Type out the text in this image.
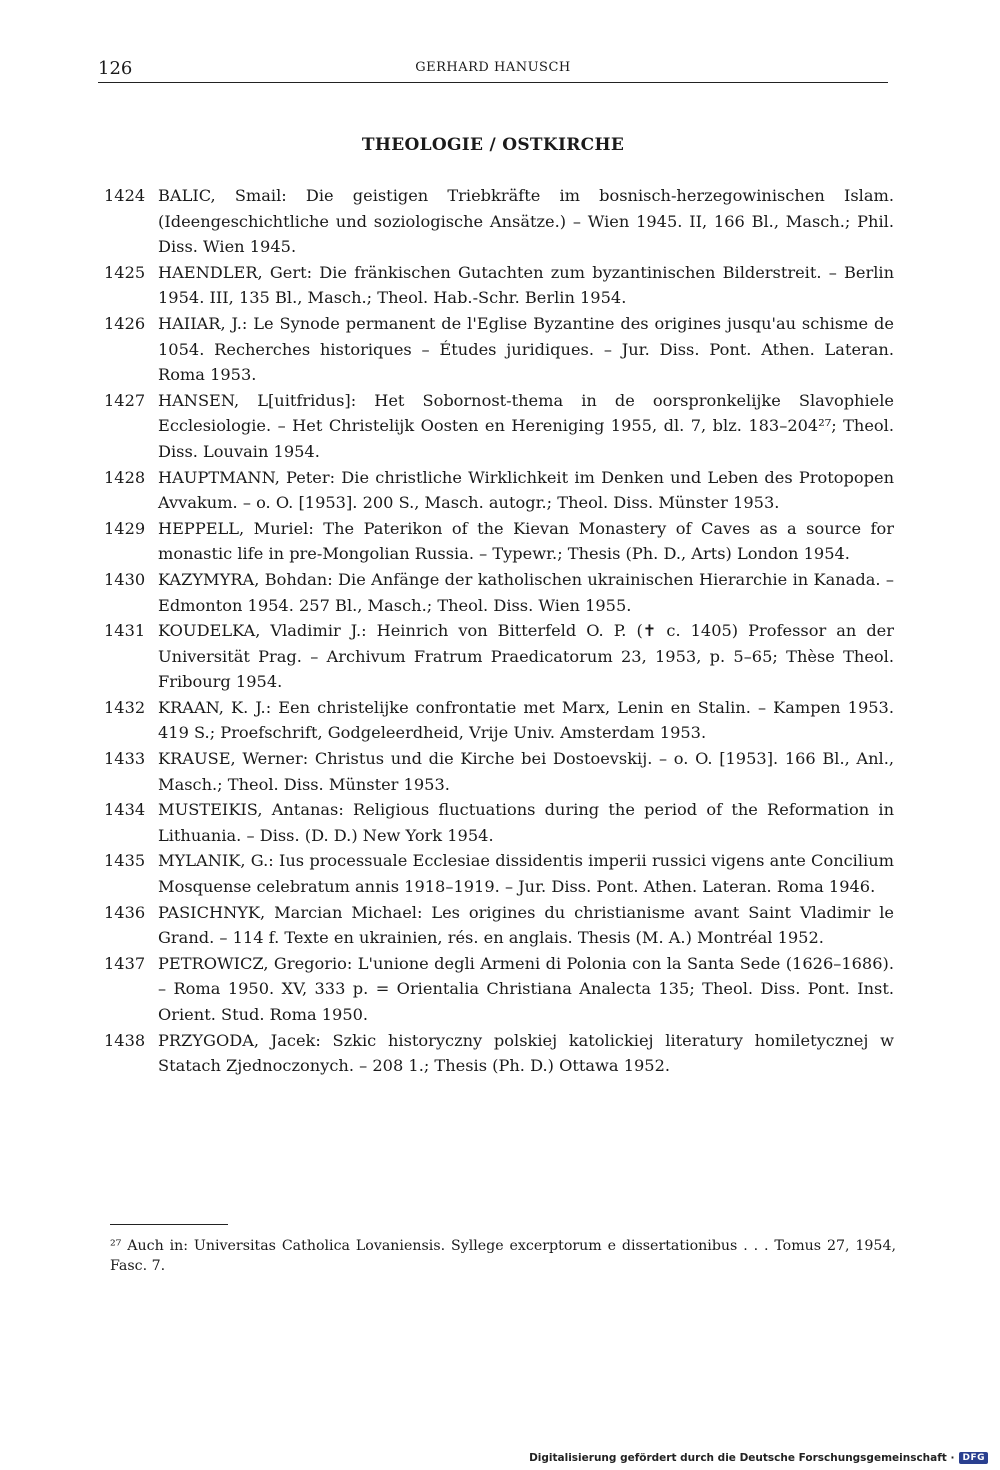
126	GERHARD HANUSCH
THEOLOGIE / OSTKIRCHE
1424 BALIC, Smail: Die geistigen Triebkräfte im bosnisch-herzegowinischen Islam. (Ideengeschichtliche und soziologische Ansätze.) – Wien 1945. II, 166 Bl., Masch.; Phil. Diss. Wien 1945.
1425 HAENDLER, Gert: Die fränkischen Gutachten zum byzantinischen Bilderstreit. – Berlin 1954. III, 135 Bl., Masch.; Theol. Hab.-Schr. Berlin 1954.
1426 HAIIAR, J.: Le Synode permanent de l'Eglise Byzantine des origines jusqu'au schisme de 1054. Recherches historiques – Études juridiques. – Jur. Diss. Pont. Athen. Lateran. Roma 1953.
1427 HANSEN, L[uitfridus]: Het Sobornost-thema in de oorspronkelijke Slavophiele Ecclesiologie. – Het Christelijk Oosten en Hereniging 1955, dl. 7, blz. 183–204²⁷; Theol. Diss. Louvain 1954.
1428 HAUPTMANN, Peter: Die christliche Wirklichkeit im Denken und Leben des Protopopen Avvakum. – o. O. [1953]. 200 S., Masch. autogr.; Theol. Diss. Münster 1953.
1429 HEPPELL, Muriel: The Paterikon of the Kievan Monastery of Caves as a source for monastic life in pre-Mongolian Russia. – Typewr.; Thesis (Ph. D., Arts) London 1954.
1430 KAZYMYRA, Bohdan: Die Anfänge der katholischen ukrainischen Hierarchie in Kanada. – Edmonton 1954. 257 Bl., Masch.; Theol. Diss. Wien 1955.
1431 KOUDELKA, Vladimir J.: Heinrich von Bitterfeld O. P. (✝ c. 1405) Professor an der Universität Prag. – Archivum Fratrum Praedicatorum 23, 1953, p. 5–65; Thèse Theol. Fribourg 1954.
1432 KRAAN, K. J.: Een christelijke confrontatie met Marx, Lenin en Stalin. – Kampen 1953. 419 S.; Proefschrift, Godgeleerdheid, Vrije Univ. Amsterdam 1953.
1433 KRAUSE, Werner: Christus und die Kirche bei Dostoevskij. – o. O. [1953]. 166 Bl., Anl., Masch.; Theol. Diss. Münster 1953.
1434 MUSTEIKIS, Antanas: Religious fluctuations during the period of the Reformation in Lithuania. – Diss. (D. D.) New York 1954.
1435 MYLANIK, G.: Ius processuale Ecclesiae dissidentis imperii russici vigens ante Concilium Mosquense celebratum annis 1918–1919. – Jur. Diss. Pont. Athen. Lateran. Roma 1946.
1436 PASICHNYK, Marcian Michael: Les origines du christianisme avant Saint Vladimir le Grand. – 114 f. Texte en ukrainien, rés. en anglais. Thesis (M. A.) Montréal 1952.
1437 PETROWICZ, Gregorio: L'unione degli Armeni di Polonia con la Santa Sede (1626–1686). – Roma 1950. XV, 333 p. = Orientalia Christiana Analecta 135; Theol. Diss. Pont. Inst. Orient. Stud. Roma 1950.
1438 PRZYGODA, Jacek: Szkic historyczny polskiej katolickiej literatury homiletycznej w Statach Zjednoczonych. – 208 1.; Thesis (Ph. D.) Ottawa 1952.
²⁷ Auch in: Universitas Catholica Lovaniensis. Syllege excerptorum e dissertationibus . . . Tomus 27, 1954, Fasc. 7.
Digitalisierung gefördert durch die Deutsche Forschungsgemeinschaft · DFG
